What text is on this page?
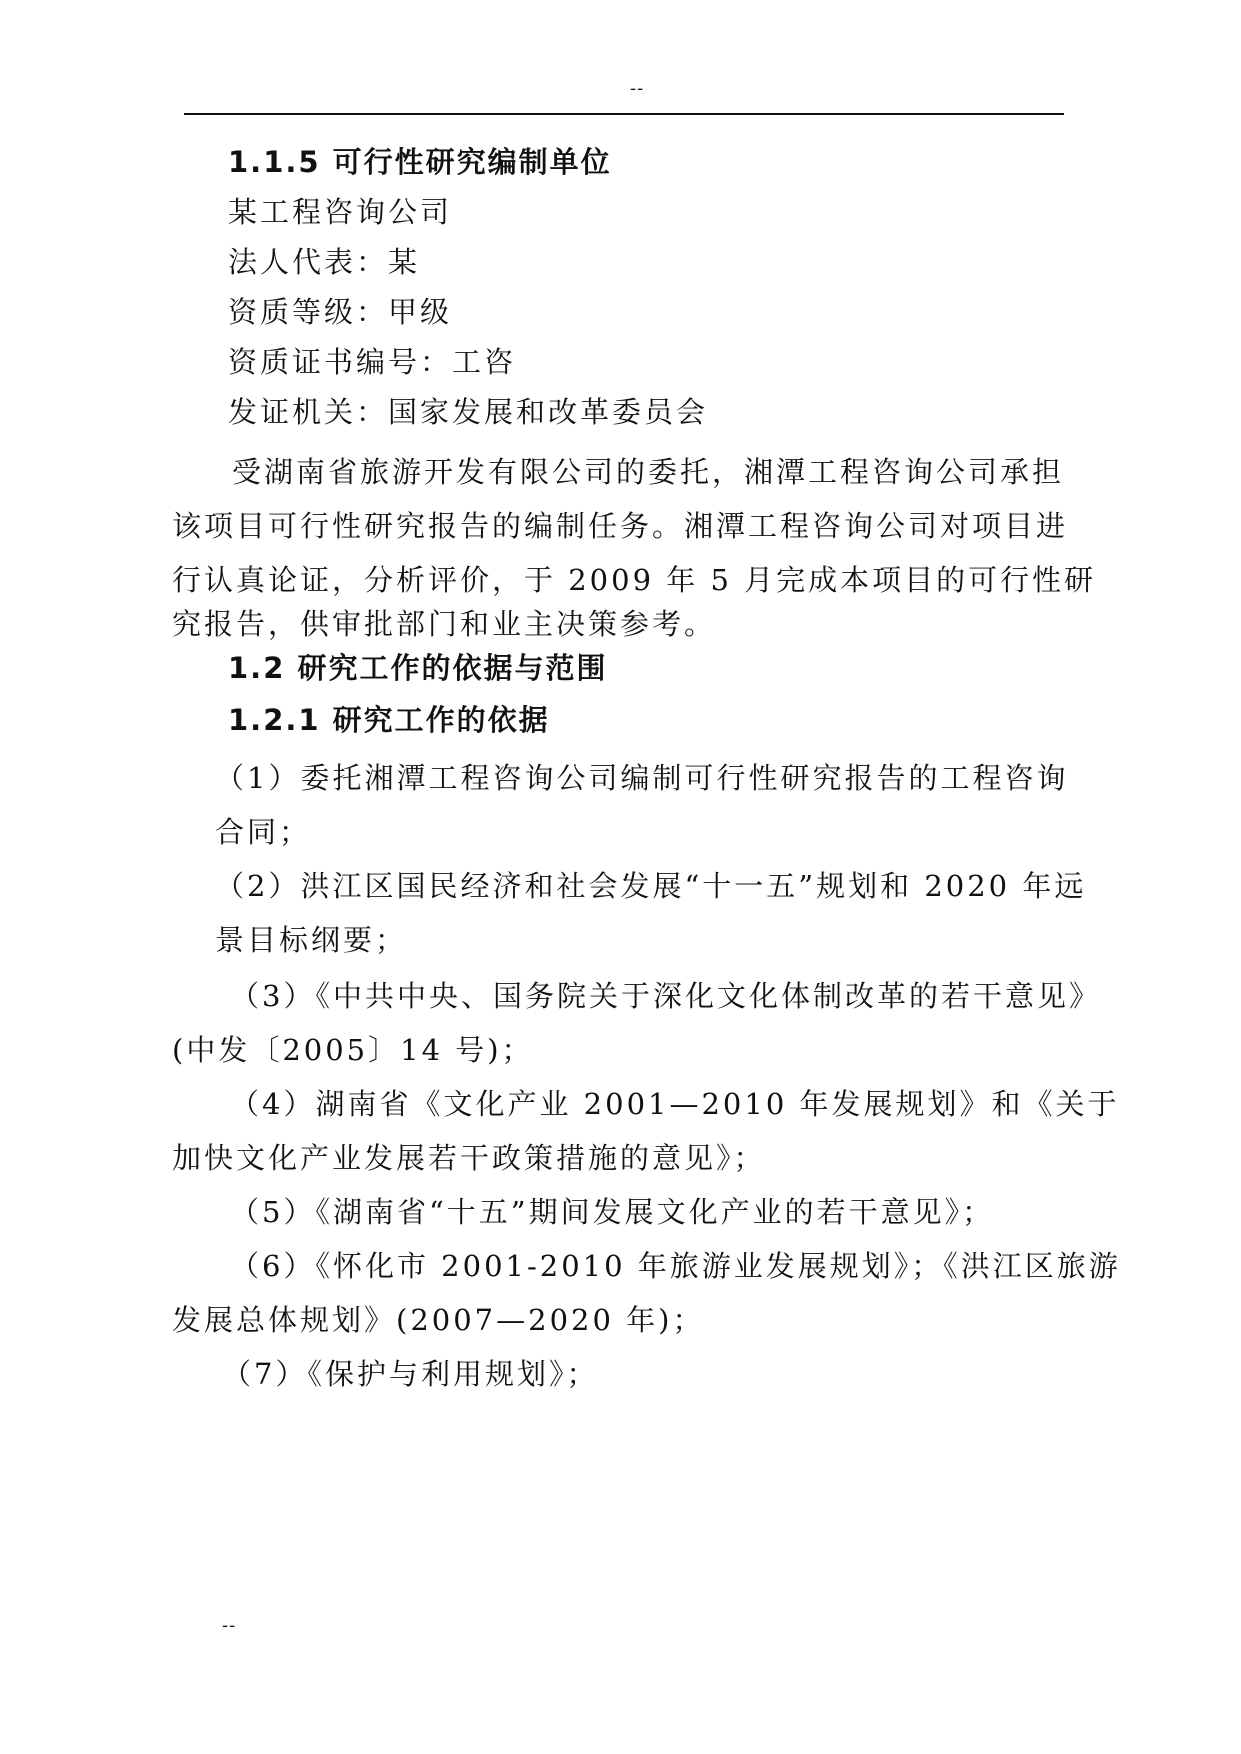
--
1.1.5 可行性研究编制单位
某工程咨询公司
法人代表：某
资质等级：甲级
资质证书编号：工咨
发证机关：国家发展和改革委员会
受湖南省旅游开发有限公司的委托，湘潭工程咨询公司承担
该项目可行性研究报告的编制任务。湘潭工程咨询公司对项目进
行认真论证，分析评价，于 2009 年 5 月完成本项目的可行性研
究报告，供审批部门和业主决策参考。
1.2 研究工作的依据与范围
1.2.1 研究工作的依据
（1）委托湘潭工程咨询公司编制可行性研究报告的工程咨询
合同；
（2）洪江区国民经济和社会发展“十一五”规划和 2020 年远
景目标纲要；
（3）《中共中央、国务院关于深化文化体制改革的若干意见》
(中发〔2005〕14 号)；
（4）湖南省《文化产业 2001—2010 年发展规划》和《关于
加快文化产业发展若干政策措施的意见》；
（5）《湖南省“十五”期间发展文化产业的若干意见》；
（6）《怀化市 2001-2010 年旅游业发展规划》；《洪江区旅游
发展总体规划》(2007—2020 年)；
（7）《保护与利用规划》；
--
